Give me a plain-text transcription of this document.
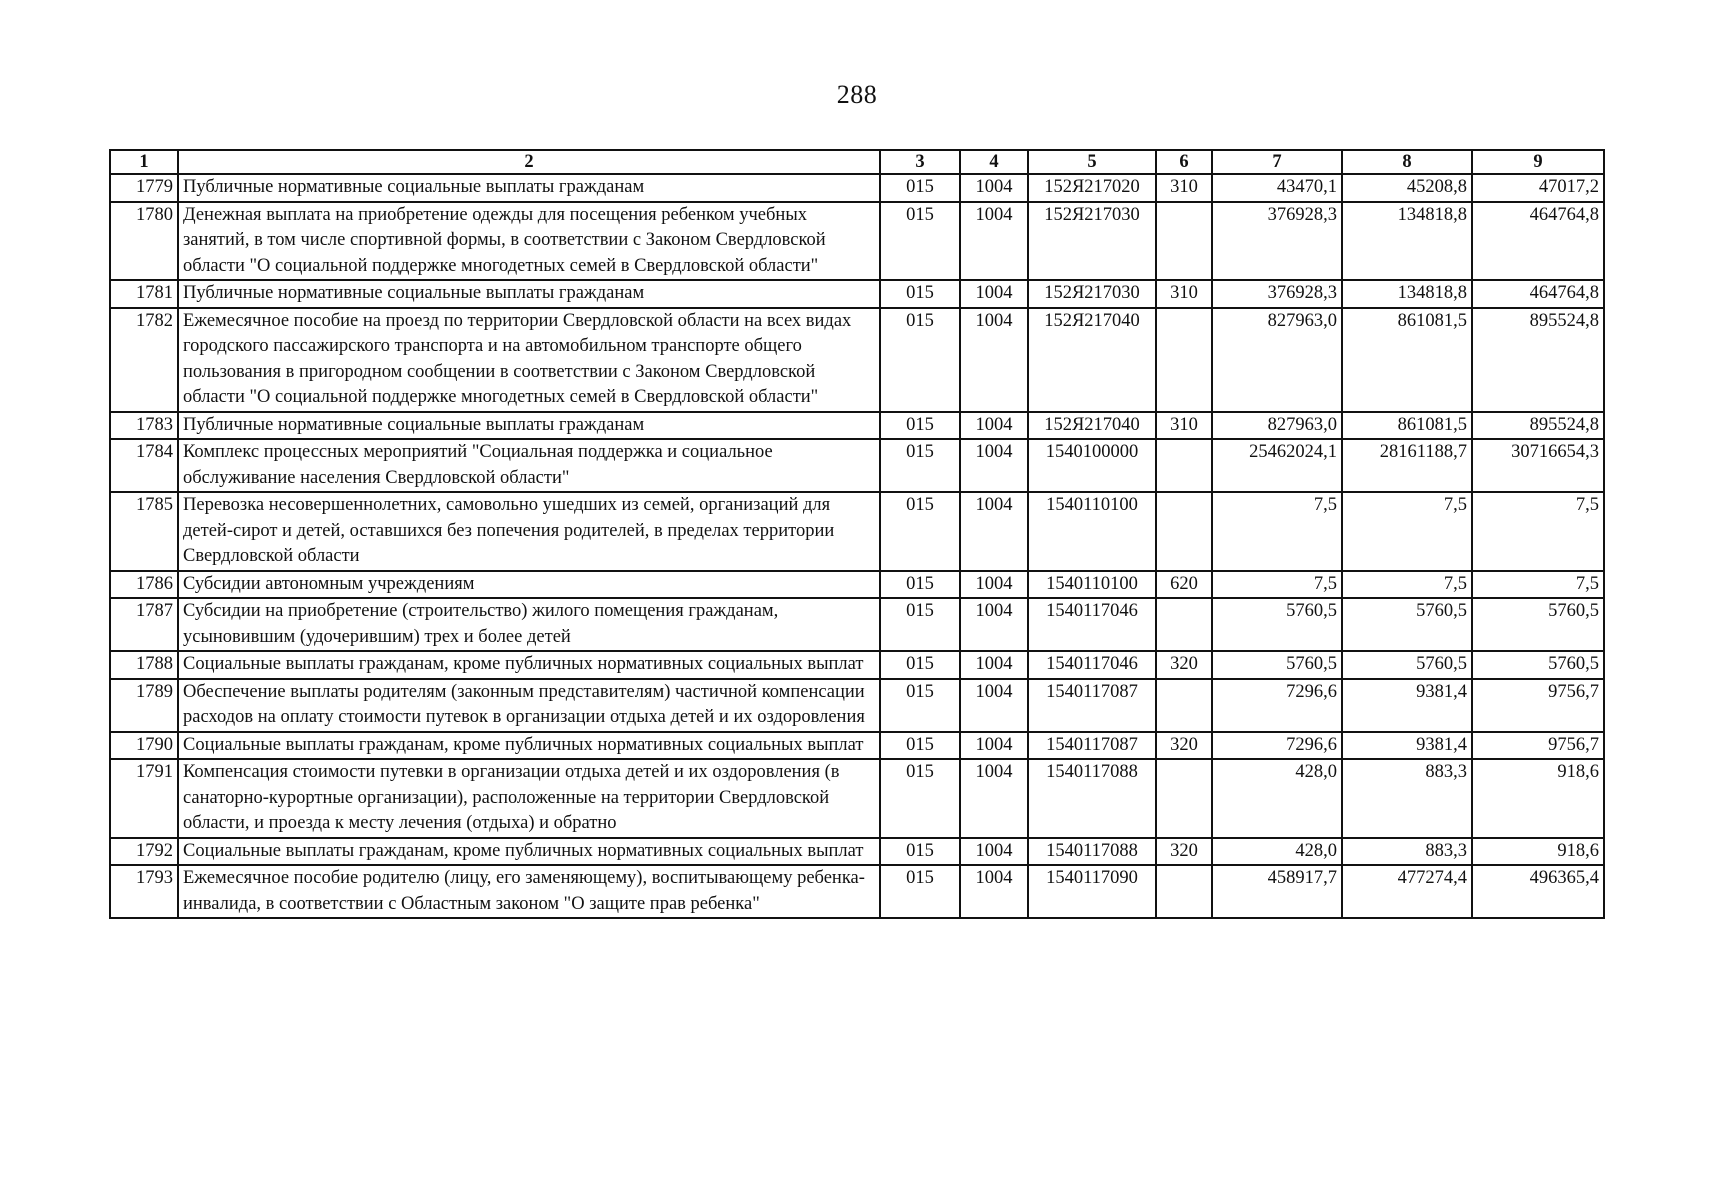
288
1	2	3	4	5	6	7	8	9
1779	Публичные нормативные социальные выплаты гражданам	015	1004	152Я217020	310	43470,1	45208,8	47017,2
1780	Денежная выплата на приобретение одежды для посещения ребенком учебных занятий, в том числе спортивной формы, в соответствии с Законом Свердловской области "О социальной поддержке многодетных семей в Свердловской области"	015	1004	152Я217030		376928,3	134818,8	464764,8
1781	Публичные нормативные социальные выплаты гражданам	015	1004	152Я217030	310	376928,3	134818,8	464764,8
1782	Ежемесячное пособие на проезд по территории Свердловской области на всех видах городского пассажирского транспорта и на автомобильном транспорте общего пользования в пригородном сообщении в соответствии с Законом Свердловской области "О социальной поддержке многодетных семей в Свердловской области"	015	1004	152Я217040		827963,0	861081,5	895524,8
1783	Публичные нормативные социальные выплаты гражданам	015	1004	152Я217040	310	827963,0	861081,5	895524,8
1784	Комплекс процессных мероприятий "Социальная поддержка и социальное обслуживание населения Свердловской области"	015	1004	1540100000		25462024,1	28161188,7	30716654,3
1785	Перевозка несовершеннолетних, самовольно ушедших из семей, организаций для детей-сирот и детей, оставшихся без попечения родителей, в пределах территории Свердловской области	015	1004	1540110100		7,5	7,5	7,5
1786	Субсидии автономным учреждениям	015	1004	1540110100	620	7,5	7,5	7,5
1787	Субсидии на приобретение (строительство) жилого помещения гражданам, усыновившим (удочерившим) трех и более детей	015	1004	1540117046		5760,5	5760,5	5760,5
1788	Социальные выплаты гражданам, кроме публичных нормативных социальных выплат	015	1004	1540117046	320	5760,5	5760,5	5760,5
1789	Обеспечение выплаты родителям (законным представителям) частичной компенсации расходов на оплату стоимости путевок в организации отдыха детей и их оздоровления	015	1004	1540117087		7296,6	9381,4	9756,7
1790	Социальные выплаты гражданам, кроме публичных нормативных социальных выплат	015	1004	1540117087	320	7296,6	9381,4	9756,7
1791	Компенсация стоимости путевки в организации отдыха детей и их оздоровления (в санаторно-курортные организации), расположенные на территории Свердловской области, и проезда к месту лечения (отдыха) и обратно	015	1004	1540117088		428,0	883,3	918,6
1792	Социальные выплаты гражданам, кроме публичных нормативных социальных выплат	015	1004	1540117088	320	428,0	883,3	918,6
1793	Ежемесячное пособие родителю (лицу, его заменяющему), воспитывающему ребенка-инвалида, в соответствии с Областным законом "О защите прав ребенка"	015	1004	1540117090		458917,7	477274,4	496365,4
